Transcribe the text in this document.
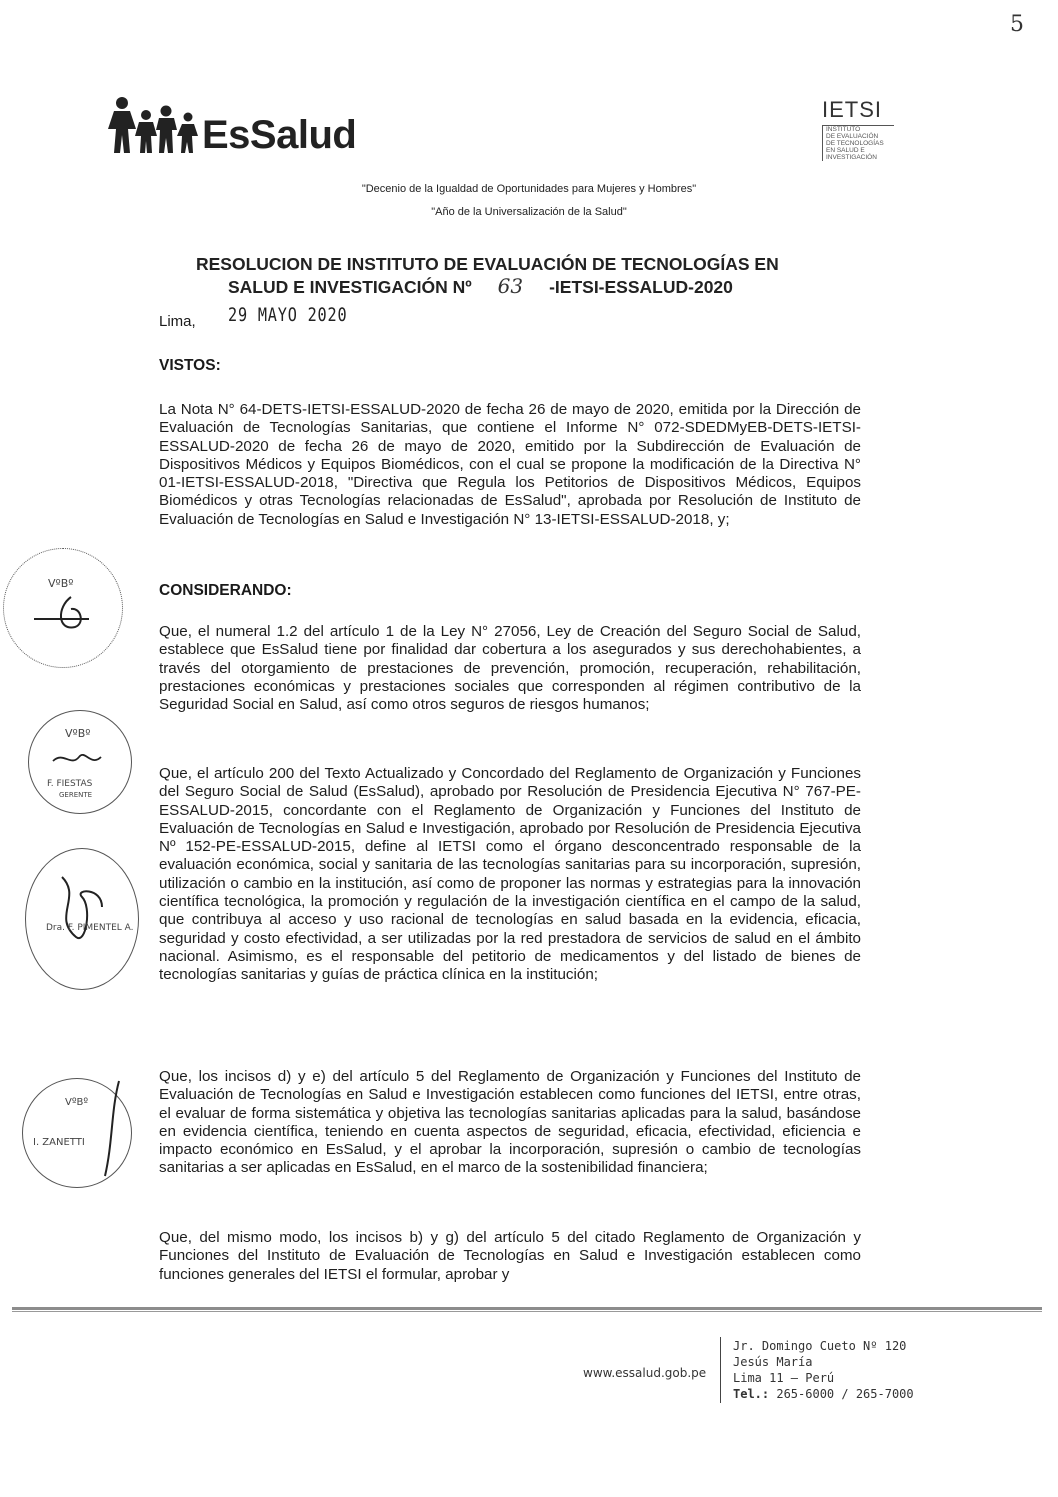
5
EsSalud
IETSI
INSTITUTO
DE EVALUACIÓN
DE TECNOLOGÍAS
EN SALUD E
INVESTIGACIÓN
"Decenio de la Igualdad de Oportunidades para Mujeres y Hombres"
"Año de la Universalización de la Salud"
RESOLUCION DE INSTITUTO DE EVALUACIÓN DE TECNOLOGÍAS EN
SALUD E INVESTIGACIÓN Nº 63 -IETSI-ESSALUD-2020
Lima, 29 MAYO 2020
VISTOS:
La Nota N° 64-DETS-IETSI-ESSALUD-2020 de fecha 26 de mayo de 2020, emitida por la Dirección de Evaluación de Tecnologías Sanitarias, que contiene el Informe N° 072-SDEDMyEB-DETS-IETSI-ESSALUD-2020 de fecha 26 de mayo de 2020, emitido por la Subdirección de Evaluación de Dispositivos Médicos y Equipos Biomédicos, con el cual se propone la modificación de la Directiva N° 01-IETSI-ESSALUD-2018, "Directiva que Regula los Petitorios de Dispositivos Médicos, Equipos Biomédicos y otras Tecnologías relacionadas de EsSalud", aprobada por Resolución de Instituto de Evaluación de Tecnologías en Salud e Investigación N° 13-IETSI-ESSALUD-2018, y;
CONSIDERANDO:
Que, el numeral 1.2 del artículo 1 de la Ley N° 27056, Ley de Creación del Seguro Social de Salud, establece que EsSalud tiene por finalidad dar cobertura a los asegurados y sus derechohabientes, a través del otorgamiento de prestaciones de prevención, promoción, recuperación, rehabilitación, prestaciones económicas y prestaciones sociales que corresponden al régimen contributivo de la Seguridad Social en Salud, así como otros seguros de riesgos humanos;
Que, el artículo 200 del Texto Actualizado y Concordado del Reglamento de Organización y Funciones del Seguro Social de Salud (EsSalud), aprobado por Resolución de Presidencia Ejecutiva N° 767-PE-ESSALUD-2015, concordante con el Reglamento de Organización y Funciones del Instituto de Evaluación de Tecnologías en Salud e Investigación, aprobado por Resolución de Presidencia Ejecutiva Nº 152-PE-ESSALUD-2015, define al IETSI como el órgano desconcentrado responsable de la evaluación económica, social y sanitaria de las tecnologías sanitarias para su incorporación, supresión, utilización o cambio en la institución, así como de proponer las normas y estrategias para la innovación científica tecnológica, la promoción y regulación de la investigación científica en el campo de la salud, que contribuya al acceso y uso racional de tecnologías en salud basada en la evidencia, eficacia, seguridad y costo efectividad, a ser utilizadas por la red prestadora de servicios de salud en el ámbito nacional. Asimismo, es el responsable del petitorio de medicamentos y del listado de bienes de tecnologías sanitarias y guías de práctica clínica en la institución;
Que, los incisos d) y e) del artículo 5 del Reglamento de Organización y Funciones del Instituto de Evaluación de Tecnologías en Salud e Investigación establecen como funciones del IETSI, entre otras, el evaluar de forma sistemática y objetiva las tecnologías sanitarias aplicadas para la salud, basándose en evidencia científica, teniendo en cuenta aspectos de seguridad, eficacia, efectividad, eficiencia e impacto económico en EsSalud, y el aprobar la incorporación, supresión o cambio de tecnologías sanitarias a ser aplicadas en EsSalud, en el marco de la sostenibilidad financiera;
Que, del mismo modo, los incisos b) y g) del artículo 5 del citado Reglamento de Organización y Funciones del Instituto de Evaluación de Tecnologías en Salud e Investigación establecen como funciones generales del IETSI el formular, aprobar y
VºBº
VºBº
F. FIESTAS
GERENTE
Dra. F. PIMENTEL A.
VºBº
I. ZANETTI
www.essalud.gob.pe
Jr. Domingo Cueto Nº 120
Jesús María
Lima 11 – Perú
Tel.: 265-6000 / 265-7000
